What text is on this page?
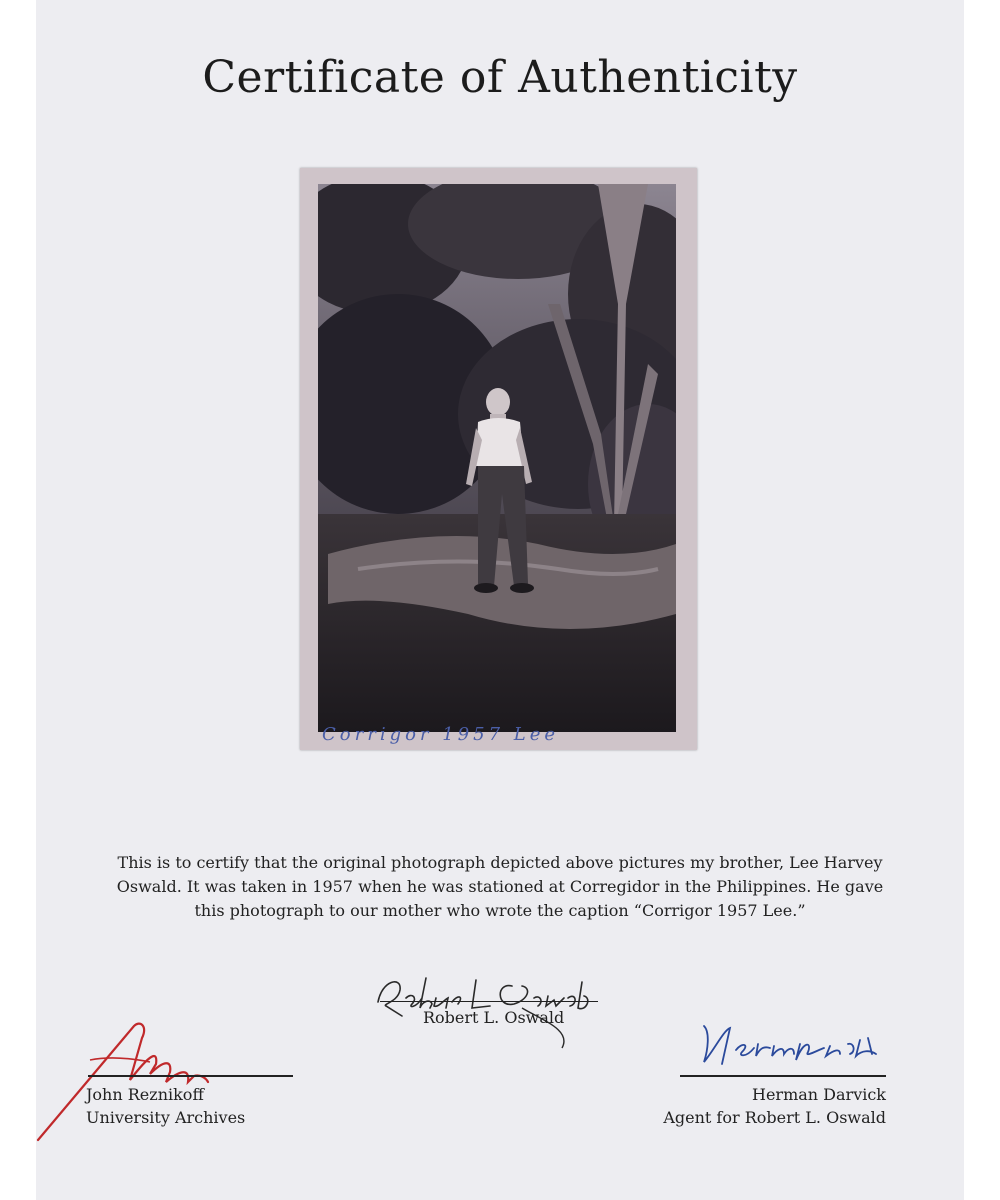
Certificate of Authenticity
Corrigor 1957 Lee

This is to certify that the original photograph depicted above pictures my brother, Lee Harvey

Oswald. It was taken in 1957 when he was stationed at Corregidor in the Philippines. He gave

this photograph to our mother who wrote the caption “Corrigor 1957 Lee.”

Robert L. Oswald
John Reznikoff
University Archives
Herman Darvick
Agent for Robert L. Oswald
